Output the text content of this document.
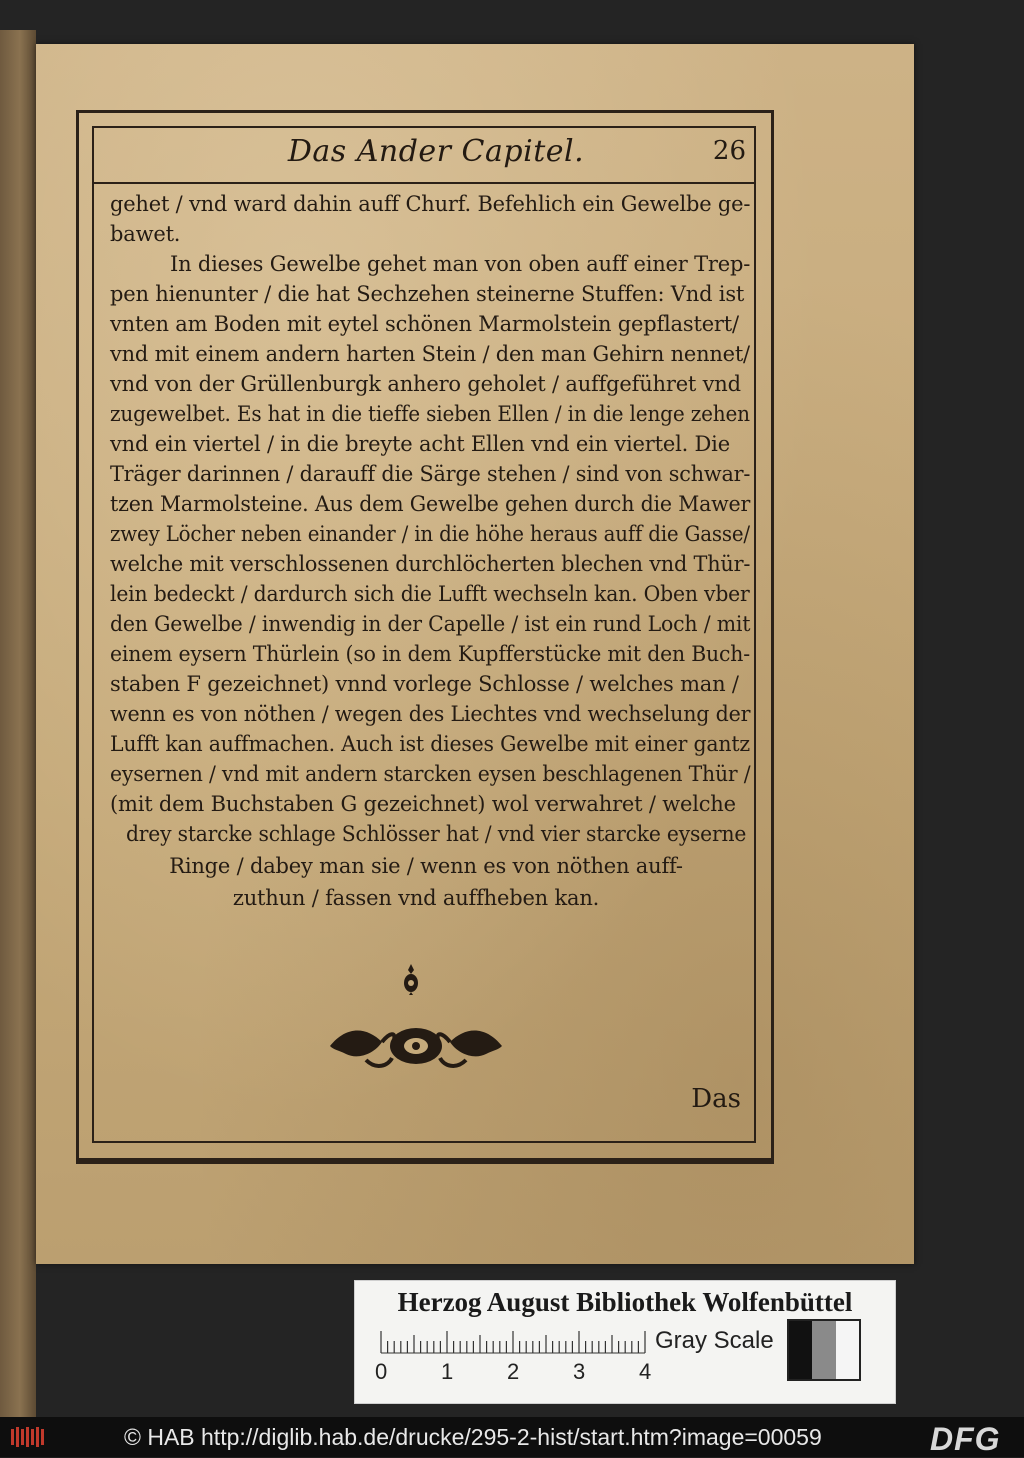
Das Ander Capitel.	26
gehet / vnd ward dahin auff Churf. Befehlich ein Gewelbe ge-
bawet.
In dieses Gewelbe gehet man von oben auff einer Trep-
pen hienunter / die hat Sechzehen steinerne Stuffen: Vnd ist
vnten am Boden mit eytel schönen Marmolstein gepflastert/
vnd mit einem andern harten Stein / den man Gehirn nennet/
vnd von der Grüllenburgk anhero geholet / auffgeführet vnd
zugewelbet. Es hat in die tieffe sieben Ellen / in die lenge zehen
vnd ein viertel / in die breyte acht Ellen vnd ein viertel. Die
Träger darinnen / darauff die Särge stehen / sind von schwar-
tzen Marmolsteine. Aus dem Gewelbe gehen durch die Mawer
zwey Löcher neben einander / in die höhe heraus auff die Gasse/
welche mit verschlossenen durchlöcherten blechen vnd Thür-
lein bedeckt / dardurch sich die Lufft wechseln kan. Oben vber
den Gewelbe / inwendig in der Capelle / ist ein rund Loch / mit
einem eysern Thürlein (so in dem Kupfferstücke mit den Buch-
staben F gezeichnet) vnnd vorlege Schlosse / welches man /
wenn es von nöthen / wegen des Liechtes vnd wechselung der
Lufft kan auffmachen. Auch ist dieses Gewelbe mit einer gantz
eysernen / vnd mit andern starcken eysen beschlagenen Thür /
(mit dem Buchstaben G gezeichnet) wol verwahret / welche
drey starcke schlage Schlösser hat / vnd vier starcke eyserne
Ringe / dabey man sie / wenn es von nöthen auff-
zuthun / fassen vnd auffheben kan.
Das
Herzog August Bibliothek Wolfenbüttel
0 1 2 3 4
Gray Scale
© HAB http://diglib.hab.de/drucke/295-2-hist/start.htm?image=00059	DFG
